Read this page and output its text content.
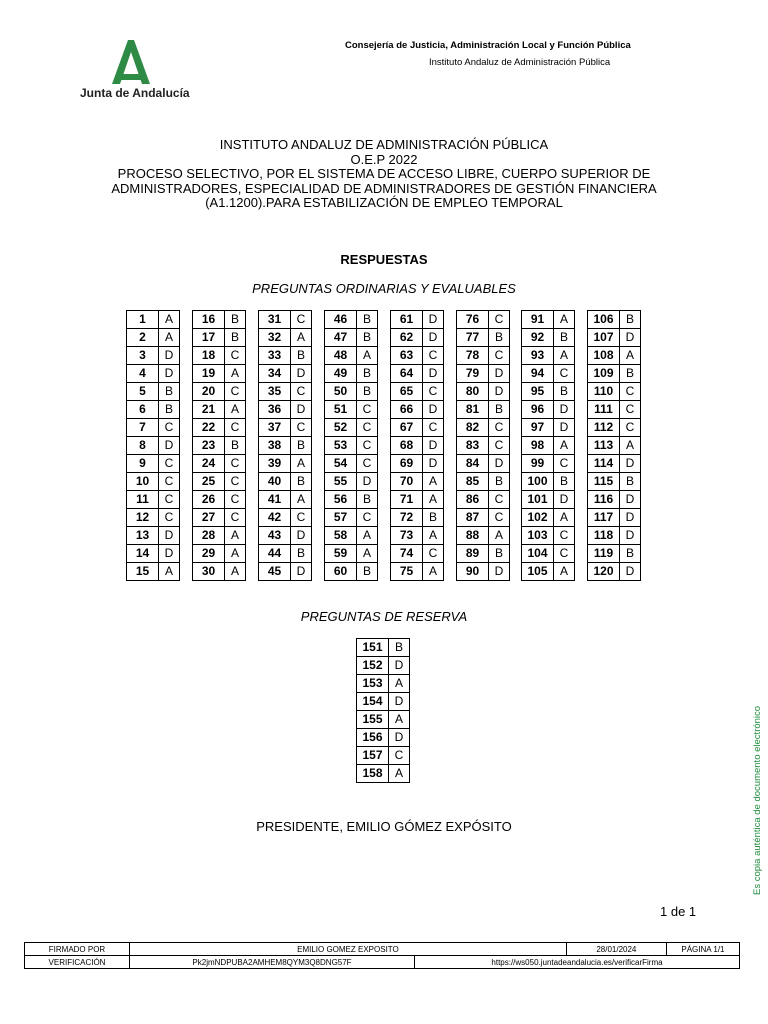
Junta de Andalucía
Consejería de Justicia, Administración Local y Función Pública
Instituto Andaluz de Administración Pública
INSTITUTO ANDALUZ DE ADMINISTRACIÓN PÚBLICA
O.E.P 2022
PROCESO SELECTIVO, POR EL SISTEMA DE ACCESO LIBRE, CUERPO SUPERIOR DE
ADMINISTRADORES, ESPECIALIDAD DE ADMINISTRADORES DE GESTIÓN FINANCIERA
(A1.1200).PARA ESTABILIZACIÓN DE EMPLEO TEMPORAL
RESPUESTAS
PREGUNTAS ORDINARIAS Y EVALUABLES
1	A
2	A
3	D
4	D
5	B
6	B
7	C
8	D
9	C
10	C
11	C
12	C
13	D
14	D
15	A
16	B
17	B
18	C
19	A
20	C
21	A
22	C
23	B
24	C
25	C
26	C
27	C
28	A
29	A
30	A
31	C
32	A
33	B
34	D
35	C
36	D
37	C
38	B
39	A
40	B
41	A
42	C
43	D
44	B
45	D
46	B
47	B
48	A
49	B
50	B
51	C
52	C
53	C
54	C
55	D
56	B
57	C
58	A
59	A
60	B
61	D
62	D
63	C
64	D
65	C
66	D
67	C
68	D
69	D
70	A
71	A
72	B
73	A
74	C
75	A
76	C
77	B
78	C
79	D
80	D
81	B
82	C
83	C
84	D
85	B
86	C
87	C
88	A
89	B
90	D
91	A
92	B
93	A
94	C
95	B
96	D
97	D
98	A
99	C
100	B
101	D
102	A
103	C
104	C
105	A
106	B
107	D
108	A
109	B
110	C
111	C
112	C
113	A
114	D
115	B
116	D
117	D
118	D
119	B
120	D
PREGUNTAS DE RESERVA
151	B
152	D
153	A
154	D
155	A
156	D
157	C
158	A
PRESIDENTE, EMILIO GÓMEZ EXPÓSITO
1 de 1
FIRMADO POR	EMILIO GOMEZ EXPOSITO		28/01/2024	PÁGINA 1/1
VERIFICACIÓN	Pk2jmNDPUBA2AMHEM8QYM3Q8DNG57F	https://ws050.juntadeandalucia.es/verificarFirma		
Es copia auténtica de documento electrónico
